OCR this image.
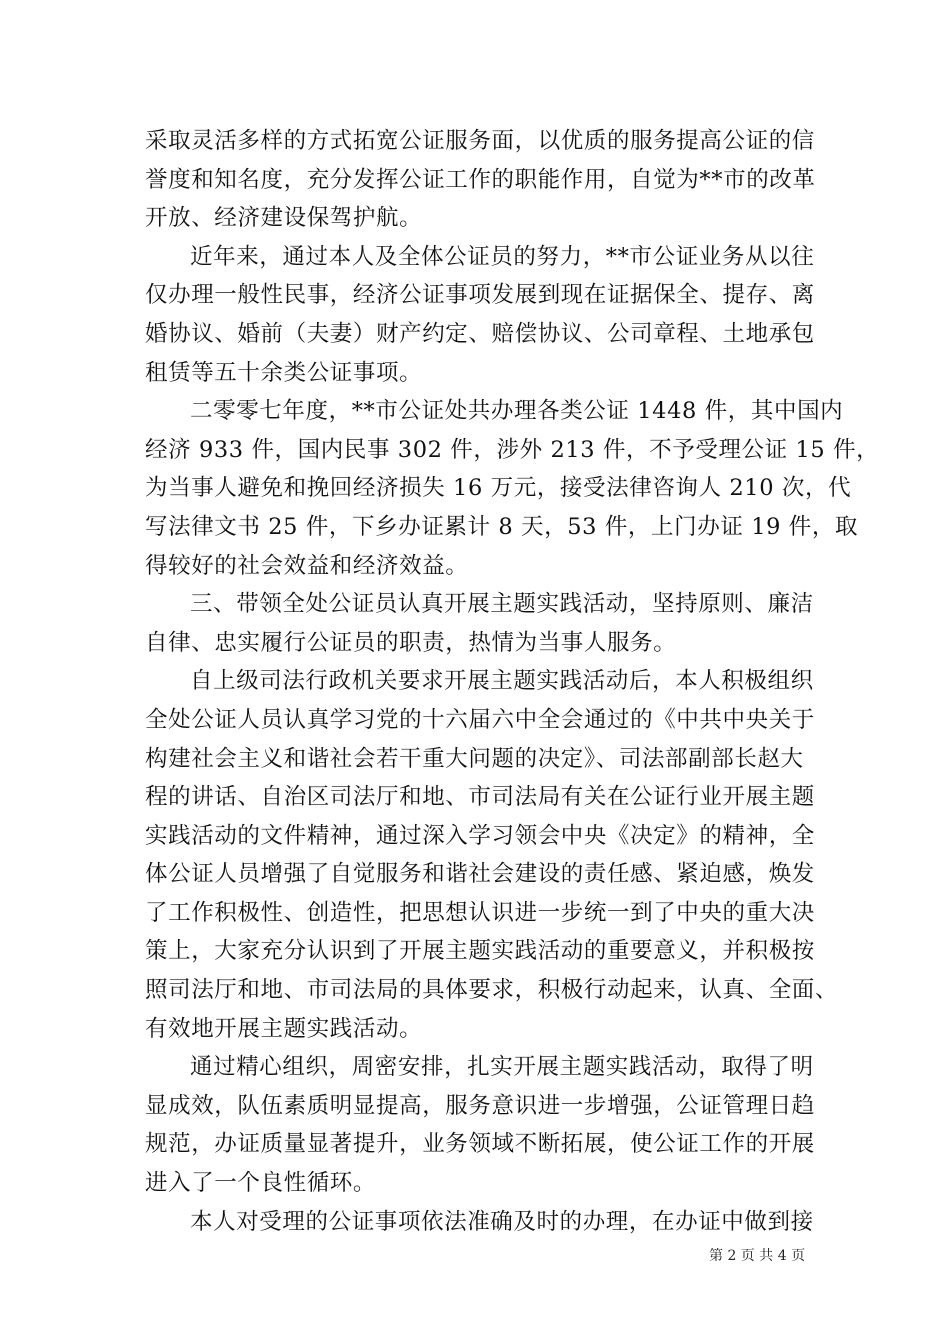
采取灵活多样的方式拓宽公证服务面，以优质的服务提高公证的信
誉度和知名度，充分发挥公证工作的职能作用，自觉为**市的改革
开放、经济建设保驾护航。
近年来，通过本人及全体公证员的努力，**市公证业务从以往
仅办理一般性民事，经济公证事项发展到现在证据保全、提存、离
婚协议、婚前（夫妻）财产约定、赔偿协议、公司章程、土地承包
租赁等五十余类公证事项。
二零零七年度，**市公证处共办理各类公证 1448 件，其中国内
经济 933 件，国内民事 302 件，涉外 213 件，不予受理公证 15 件，
为当事人避免和挽回经济损失 16 万元，接受法律咨询人 210 次，代
写法律文书 25 件，下乡办证累计 8 天，53 件，上门办证 19 件，取
得较好的社会效益和经济效益。
三、带领全处公证员认真开展主题实践活动，坚持原则、廉洁
自律、忠实履行公证员的职责，热情为当事人服务。
自上级司法行政机关要求开展主题实践活动后，本人积极组织
全处公证人员认真学习党的十六届六中全会通过的《中共中央关于
构建社会主义和谐社会若干重大问题的决定》、司法部副部长赵大
程的讲话、自治区司法厅和地、市司法局有关在公证行业开展主题
实践活动的文件精神，通过深入学习领会中央《决定》的精神，全
体公证人员增强了自觉服务和谐社会建设的责任感、紧迫感，焕发
了工作积极性、创造性，把思想认识进一步统一到了中央的重大决
策上，大家充分认识到了开展主题实践活动的重要意义，并积极按
照司法厅和地、市司法局的具体要求，积极行动起来，认真、全面、
有效地开展主题实践活动。
通过精心组织，周密安排，扎实开展主题实践活动，取得了明
显成效，队伍素质明显提高，服务意识进一步增强，公证管理日趋
规范，办证质量显著提升，业务领域不断拓展，使公证工作的开展
进入了一个良性循环。
本人对受理的公证事项依法准确及时的办理，在办证中做到接
第 2 页 共 4 页
